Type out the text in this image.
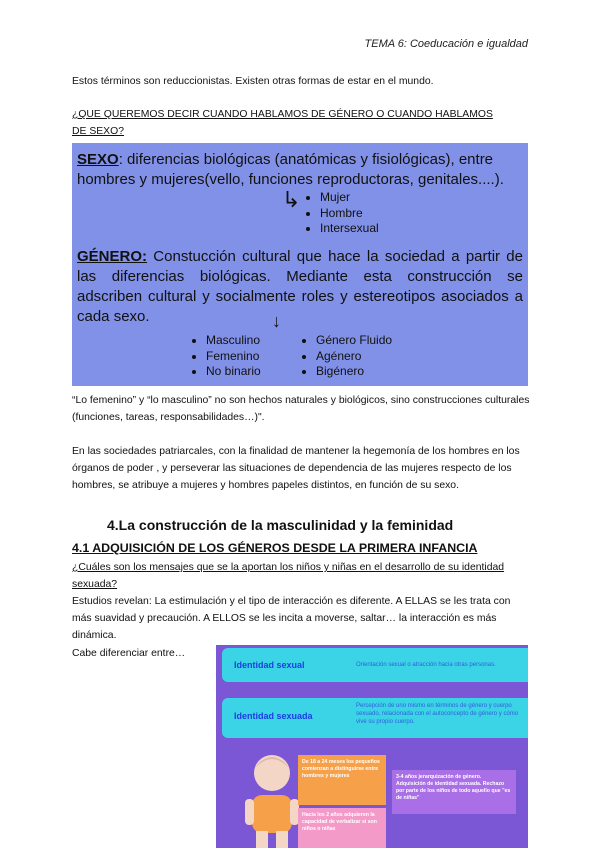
TEMA 6: Coeducación e igualdad
Estos términos son reduccionistas. Existen otras formas de estar en el mundo.
¿QUE QUEREMOS DECIR CUANDO HABLAMOS DE GÉNERO O CUANDO HABLAMOS DE SEXO?
SEXO: diferencias biológicas (anatómicas y fisiológicas), entre hombres y mujeres(vello, funciones reproductoras, genitales....).
↳
• Mujer
• Hombre
• Intersexual
GÉNERO: Constucción cultural que hace la sociedad a partir de las diferencias biológicas. Mediante esta construcción se adscriben cultural y socialmente roles y estereotipos asociados a cada sexo.	↓
• Masculino
• Femenino
• No binario
• Género Fluido
• Agénero
• Bigénero
“Lo femenino” y “lo masculino” no son hechos naturales y biológicos, sino construcciones culturales (funciones, tareas, responsabilidades…)".
En las sociedades patriarcales, con la finalidad de mantener la hegemonía de los hombres en los órganos de poder , y perseverar las situaciones de dependencia de las mujeres respecto de los hombres, se atribuye a mujeres y hombres papeles distintos, en función de su sexo.
4.La construcción de la masculinidad y la feminidad
4.1 ADQUISICIÓN DE LOS GÉNEROS DESDE LA PRIMERA INFANCIA
¿Cuáles son los mensajes que se la aportan los niños y niñas en el desarrollo de su identidad sexuada?
Estudios revelan: La estimulación y el tipo de interacción es diferente. A ELLAS se les trata con más suavidad y precaución. A ELLOS se les incita a moverse, saltar… la interacción es más dinámica.
Cabe diferenciar entre…
Identidad sexual	Orientación sexual o atracción hacia otras personas.
Identidad sexuada
Percepción de uno mismo en términos de género y cuerpo sexuado, relacionada con el autoconcepto de género y cómo vive su propio cuerpo.
De 18 a 24 meses los pequeños comienzan a distinguirse entre hombres y mujeres
Hacia los 2 años adquieren la capacidad de verbalizar si son niños o niñas
3-4 años jerarquización de género. Adquisición de identidad sexuada. Rechazo por parte de los niños de todo aquello que "es de niñas"
